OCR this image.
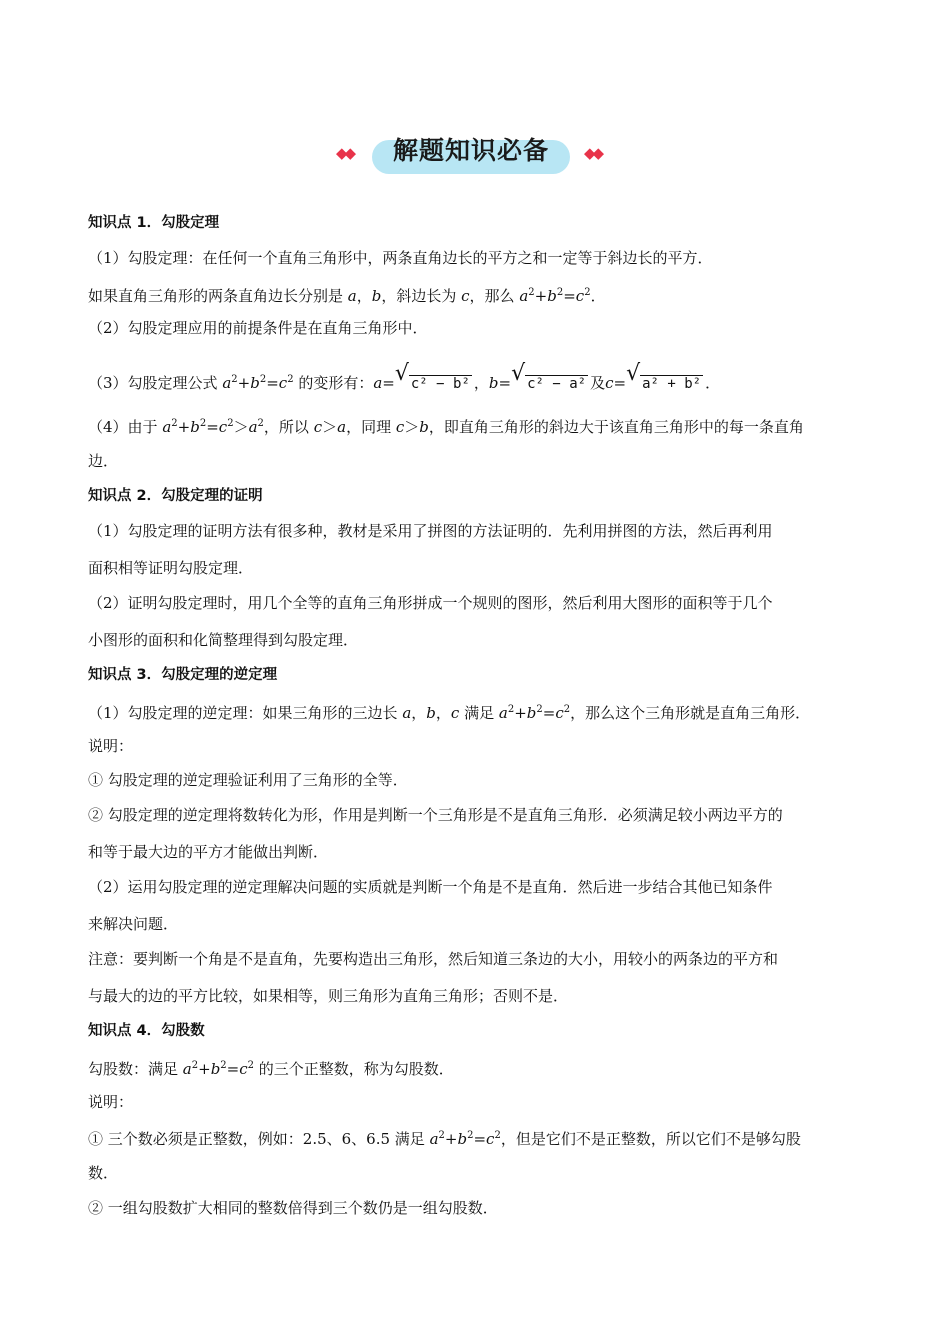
◆◆	解题知识必备	◆◆
知识点 1．勾股定理
（1）勾股定理：在任何一个直角三角形中，两条直角边长的平方之和一定等于斜边长的平方．
如果直角三角形的两条直角边长分别是 a，b，斜边长为 c，那么 $a^2+b^2=c^2$．
（2）勾股定理应用的前提条件是在直角三角形中．
（3）勾股定理公式 $a^2+b^2=c^2$ 的变形有：a= √ c² − b² ，b= √ c² − a² 及c= √ a² + b² ．
（4）由于 $a^2+b^2=c^2>a^2$，所以 c＞a，同理 c＞b，即直角三角形的斜边大于该直角三角形中的每一条直角
边．
知识点 2．勾股定理的证明
（1）勾股定理的证明方法有很多种，教材是采用了拼图的方法证明的．先利用拼图的方法，然后再利用
面积相等证明勾股定理．
（2）证明勾股定理时，用几个全等的直角三角形拼成一个规则的图形，然后利用大图形的面积等于几个
小图形的面积和化简整理得到勾股定理．
知识点 3．勾股定理的逆定理
（1）勾股定理的逆定理：如果三角形的三边长 a，b，c 满足 $a^2+b^2=c^2$，那么这个三角形就是直角三角形．
说明：
① 勾股定理的逆定理验证利用了三角形的全等．
② 勾股定理的逆定理将数转化为形，作用是判断一个三角形是不是直角三角形．必须满足较小两边平方的
和等于最大边的平方才能做出判断．
（2）运用勾股定理的逆定理解决问题的实质就是判断一个角是不是直角．然后进一步结合其他已知条件
来解决问题．
注意：要判断一个角是不是直角，先要构造出三角形，然后知道三条边的大小，用较小的两条边的平方和
与最大的边的平方比较，如果相等，则三角形为直角三角形；否则不是．
知识点 4．勾股数
勾股数：满足 $a^2+b^2=c^2$ 的三个正整数，称为勾股数．
说明：
① 三个数必须是正整数，例如：2.5、6、6.5 满足 $a^2+b^2=c^2$，但是它们不是正整数，所以它们不是够勾股
数．
② 一组勾股数扩大相同的整数倍得到三个数仍是一组勾股数．
